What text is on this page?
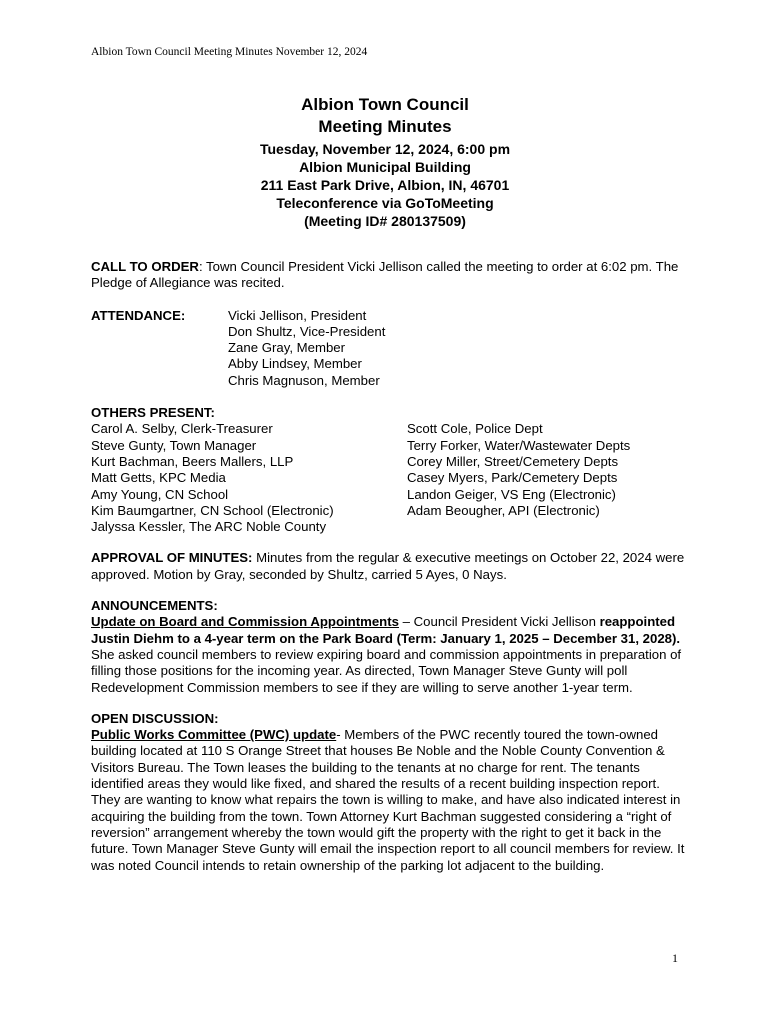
Albion Town Council Meeting Minutes November 12, 2024
Albion Town Council
Meeting Minutes
Tuesday, November 12, 2024, 6:00 pm
Albion Municipal Building
211 East Park Drive, Albion, IN, 46701
Teleconference via GoToMeeting
(Meeting ID# 280137509)

CALL TO ORDER: Town Council President Vicki Jellison called the meeting to order at 6:02 pm. The Pledge of Allegiance was recited.

ATTENDANCE:	Vicki Jellison, President
Don Shultz, Vice-President
Zane Gray, Member
Abby Lindsey, Member
Chris Magnuson, Member
OTHERS PRESENT:
Carol A. Selby, Clerk-Treasurer
Steve Gunty, Town Manager
Kurt Bachman, Beers Mallers, LLP
Matt Getts, KPC Media
Amy Young, CN School
Kim Baumgartner, CN School (Electronic)
Jalyssa Kessler, The ARC Noble County
Scott Cole, Police Dept
Terry Forker, Water/Wastewater Depts
Corey Miller, Street/Cemetery Depts
Casey Myers, Park/Cemetery Depts
Landon Geiger, VS Eng (Electronic)
Adam Beougher, API (Electronic)

APPROVAL OF MINUTES: Minutes from the regular & executive meetings on October 22, 2024 were approved. Motion by Gray, seconded by Shultz, carried 5 Ayes, 0 Nays.

ANNOUNCEMENTS:

Update on Board and Commission Appointments – Council President Vicki Jellison reappointed Justin Diehm to a 4-year term on the Park Board (Term: January 1, 2025 – December 31, 2028). She asked council members to review expiring board and commission appointments in preparation of filling those positions for the incoming year. As directed, Town Manager Steve Gunty will poll Redevelopment Commission members to see if they are willing to serve another 1-year term.

OPEN DISCUSSION:

Public Works Committee (PWC) update- Members of the PWC recently toured the town-owned building located at 110 S Orange Street that houses Be Noble and the Noble County Convention & Visitors Bureau. The Town leases the building to the tenants at no charge for rent. The tenants identified areas they would like fixed, and shared the results of a recent building inspection report. They are wanting to know what repairs the town is willing to make, and have also indicated interest in acquiring the building from the town. Town Attorney Kurt Bachman suggested considering a “right of reversion” arrangement whereby the town would gift the property with the right to get it back in the future. Town Manager Steve Gunty will email the inspection report to all council members for review. It was noted Council intends to retain ownership of the parking lot adjacent to the building.

1
